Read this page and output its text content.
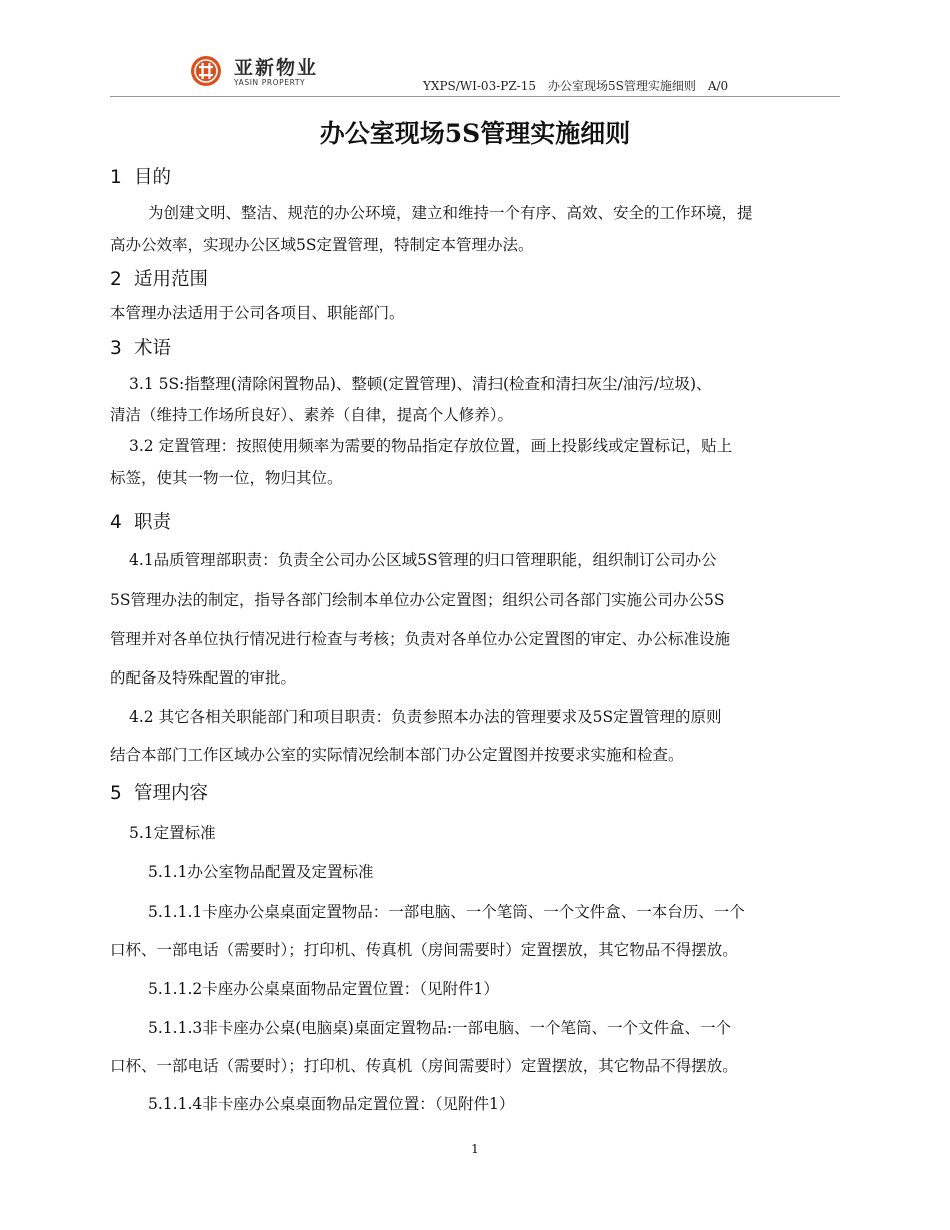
亚新物业
YASIN PROPERTY	YXPS/WI-03-PZ-15　办公室现场5S管理实施细则　A/0
办公室现场5S管理实施细则
1 目的
为创建文明、整洁、规范的办公环境，建立和维持一个有序、高效、安全的工作环境，提
高办公效率，实现办公区域5S定置管理，特制定本管理办法。
2 适用范围
本管理办法适用于公司各项目、职能部门。
3 术语
3.1 5S:指整理(清除闲置物品)、整顿(定置管理)、清扫(检查和清扫灰尘/油污/垃圾)、
清洁（维持工作场所良好）、素养（自律，提高个人修养）。
3.2 定置管理：按照使用频率为需要的物品指定存放位置，画上投影线或定置标记，贴上
标签，使其一物一位，物归其位。
4 职责
4.1品质管理部职责：负责全公司办公区域5S管理的归口管理职能，组织制订公司办公
5S管理办法的制定，指导各部门绘制本单位办公定置图；组织公司各部门实施公司办公5S
管理并对各单位执行情况进行检查与考核；负责对各单位办公定置图的审定、办公标准设施
的配备及特殊配置的审批。
4.2 其它各相关职能部门和项目职责：负责参照本办法的管理要求及5S定置管理的原则
结合本部门工作区域办公室的实际情况绘制本部门办公定置图并按要求实施和检查。
5 管理内容
5.1定置标准
5.1.1办公室物品配置及定置标准
5.1.1.1卡座办公桌桌面定置物品：一部电脑、一个笔筒、一个文件盒、一本台历、一个
口杯、一部电话（需要时）；打印机、传真机（房间需要时）定置摆放，其它物品不得摆放。
5.1.1.2卡座办公桌桌面物品定置位置：（见附件1）
5.1.1.3非卡座办公桌(电脑桌)桌面定置物品:一部电脑、一个笔筒、一个文件盒、一个
口杯、一部电话（需要时）；打印机、传真机（房间需要时）定置摆放，其它物品不得摆放。
5.1.1.4非卡座办公桌桌面物品定置位置：（见附件1）
1
